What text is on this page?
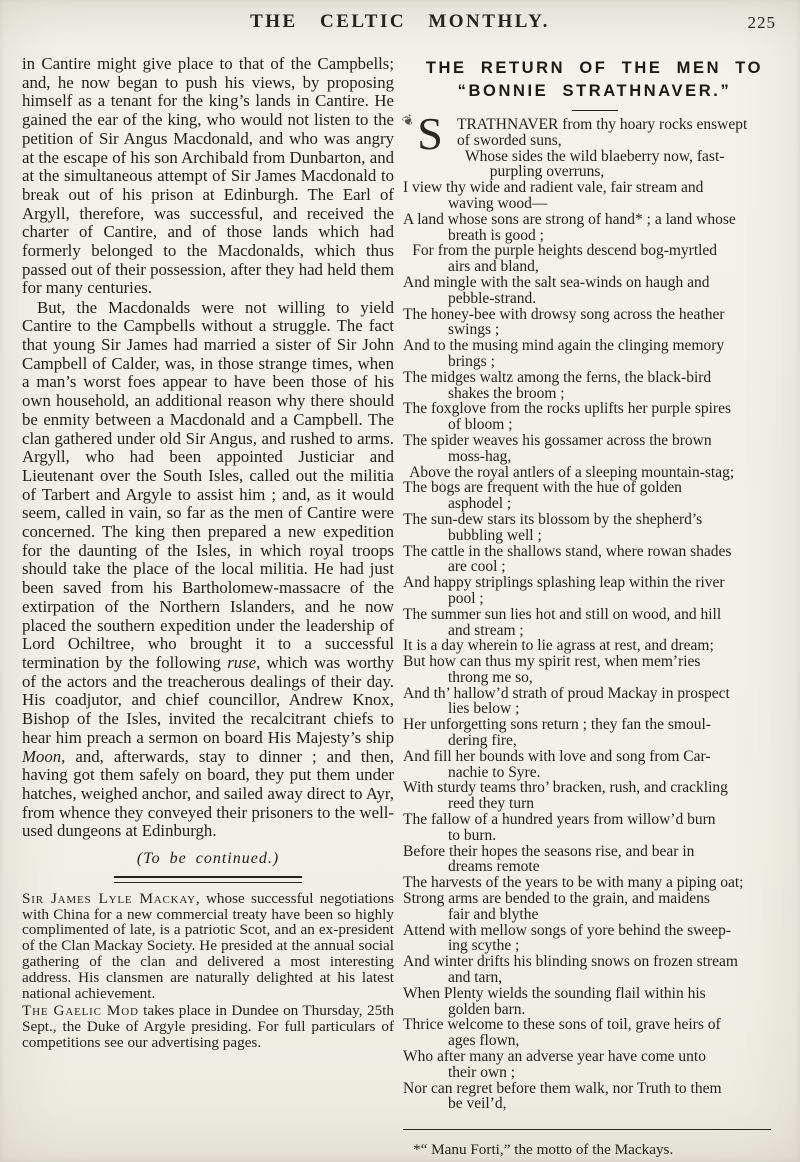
THE CELTIC MONTHLY.	225

in Cantire might give place to that of the Campbells; and, he now began to push his views, by proposing himself as a tenant for the king’s lands in Cantire. He gained the ear of the king, who would not listen to the petition of Sir Angus Macdonald, and who was angry at the escape of his son Archibald from Dunbarton, and at the simultaneous attempt of Sir James Macdonald to break out of his prison at Edinburgh. The Earl of Argyll, therefore, was successful, and received the charter of Cantire, and of those lands which had formerly belonged to the Macdonalds, which thus passed out of their possession, after they had held them for many centuries.

But, the Macdonalds were not willing to yield Cantire to the Campbells without a struggle. The fact that young Sir James had married a sister of Sir John Campbell of Calder, was, in those strange times, when a man’s worst foes appear to have been those of his own household, an additional reason why there should be enmity between a Macdonald and a Campbell. The clan gathered under old Sir Angus, and rushed to arms. Argyll, who had been appointed Justiciar and Lieutenant over the South Isles, called out the militia of Tarbert and Argyle to assist him ; and, as it would seem, called in vain, so far as the men of Cantire were concerned. The king then prepared a new expedition for the daunting of the Isles, in which royal troops should take the place of the local militia. He had just been saved from his Bartholomew-massacre of the extirpation of the Northern Islanders, and he now placed the southern expedition under the leadership of Lord Ochiltree, who brought it to a successful termination by the following ruse, which was worthy of the actors and the treacherous dealings of their day. His coadjutor, and chief councillor, Andrew Knox, Bishop of the Isles, invited the recalcitrant chiefs to hear him preach a sermon on board His Majesty’s ship Moon, and, afterwards, stay to dinner ; and then, having got them safely on board, they put them under hatches, weighed anchor, and sailed away direct to Ayr, from whence they conveyed their prisoners to the well-used dungeons at Edinburgh.

(To be continued.)

Sir James Lyle Mackay, whose successful negotiations with China for a new commercial treaty have been so highly complimented of late, is a patriotic Scot, and an ex-president of the Clan Mackay Society. He presided at the annual social gathering of the clan and delivered a most interesting address. His clansmen are naturally delighted at his latest national achievement.

The Gaelic Mod takes place in Dundee on Thursday, 25th Sept., the Duke of Argyle presiding. For full particulars of competitions see our advertising pages.

THE RETURN OF THE MEN TO
“BONNIE STRATHNAVER.”
❦ S TRATHNAVER from thy hoary rocks enswept
of sworded suns,
Whose sides the wild blaeberry now, fast-
purpling overruns,
I view thy wide and radient vale, fair stream and
waving wood—
A land whose sons are strong of hand* ; a land whose
breath is good ;
For from the purple heights descend bog-myrtled
airs and bland,
And mingle with the salt sea-winds on haugh and
pebble-strand.
The honey-bee with drowsy song across the heather
swings ;
And to the musing mind again the clinging memory
brings ;
The midges waltz among the ferns, the black-bird
shakes the broom ;
The foxglove from the rocks uplifts her purple spires
of bloom ;
The spider weaves his gossamer across the brown
moss-hag,
Above the royal antlers of a sleeping mountain-stag;
The bogs are frequent with the hue of golden
asphodel ;
The sun-dew stars its blossom by the shepherd’s
bubbling well ;
The cattle in the shallows stand, where rowan shades
are cool ;
And happy striplings splashing leap within the river
pool ;
The summer sun lies hot and still on wood, and hill
and stream ;
It is a day wherein to lie agrass at rest, and dream;
But how can thus my spirit rest, when mem’ries
throng me so,
And th’ hallow’d strath of proud Mackay in prospect
lies below ;
Her unforgetting sons return ; they fan the smoul-
dering fire,
And fill her bounds with love and song from Car-
nachie to Syre.
With sturdy teams thro’ bracken, rush, and crackling
reed they turn
The fallow of a hundred years from willow’d burn
to burn.
Before their hopes the seasons rise, and bear in
dreams remote
The harvests of the years to be with many a piping oat;
Strong arms are bended to the grain, and maidens
fair and blythe
Attend with mellow songs of yore behind the sweep-
ing scythe ;
And winter drifts his blinding snows on frozen stream
and tarn,
When Plenty wields the sounding flail within his
golden barn.
Thrice welcome to these sons of toil, grave heirs of
ages flown,
Who after many an adverse year have come unto
their own ;
Nor can regret before them walk, nor Truth to them
be veil’d,
*“ Manu Forti,” the motto of the Mackays.
